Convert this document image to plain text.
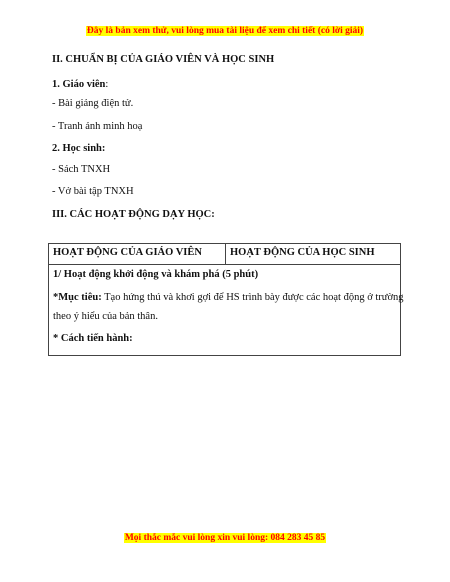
Đây là bản xem thử, vui lòng mua tài liệu để xem chi tiết (có lời giải)
II. CHUẨN BỊ CỦA GIÁO VIÊN VÀ HỌC SINH
1. Giáo viên:
- Bài giảng điện tử.
- Tranh ảnh minh hoạ
2. Học sinh:
- Sách TNXH
- Vở bài tập TNXH
III. CÁC HOẠT ĐỘNG DẠY HỌC:
HOẠT ĐỘNG CỦA GIÁO VIÊN	HOẠT ĐỘNG CỦA HỌC SINH
1/ Hoạt động khởi động và khám phá (5 phút)
*Mục tiêu: Tạo hứng thú và khơi gợi để HS trình bày được các hoạt động ở trường
theo ý hiểu của bản thân.
* Cách tiến hành:
Mọi thắc mắc vui lòng xin vui lòng: 084 283 45 85
